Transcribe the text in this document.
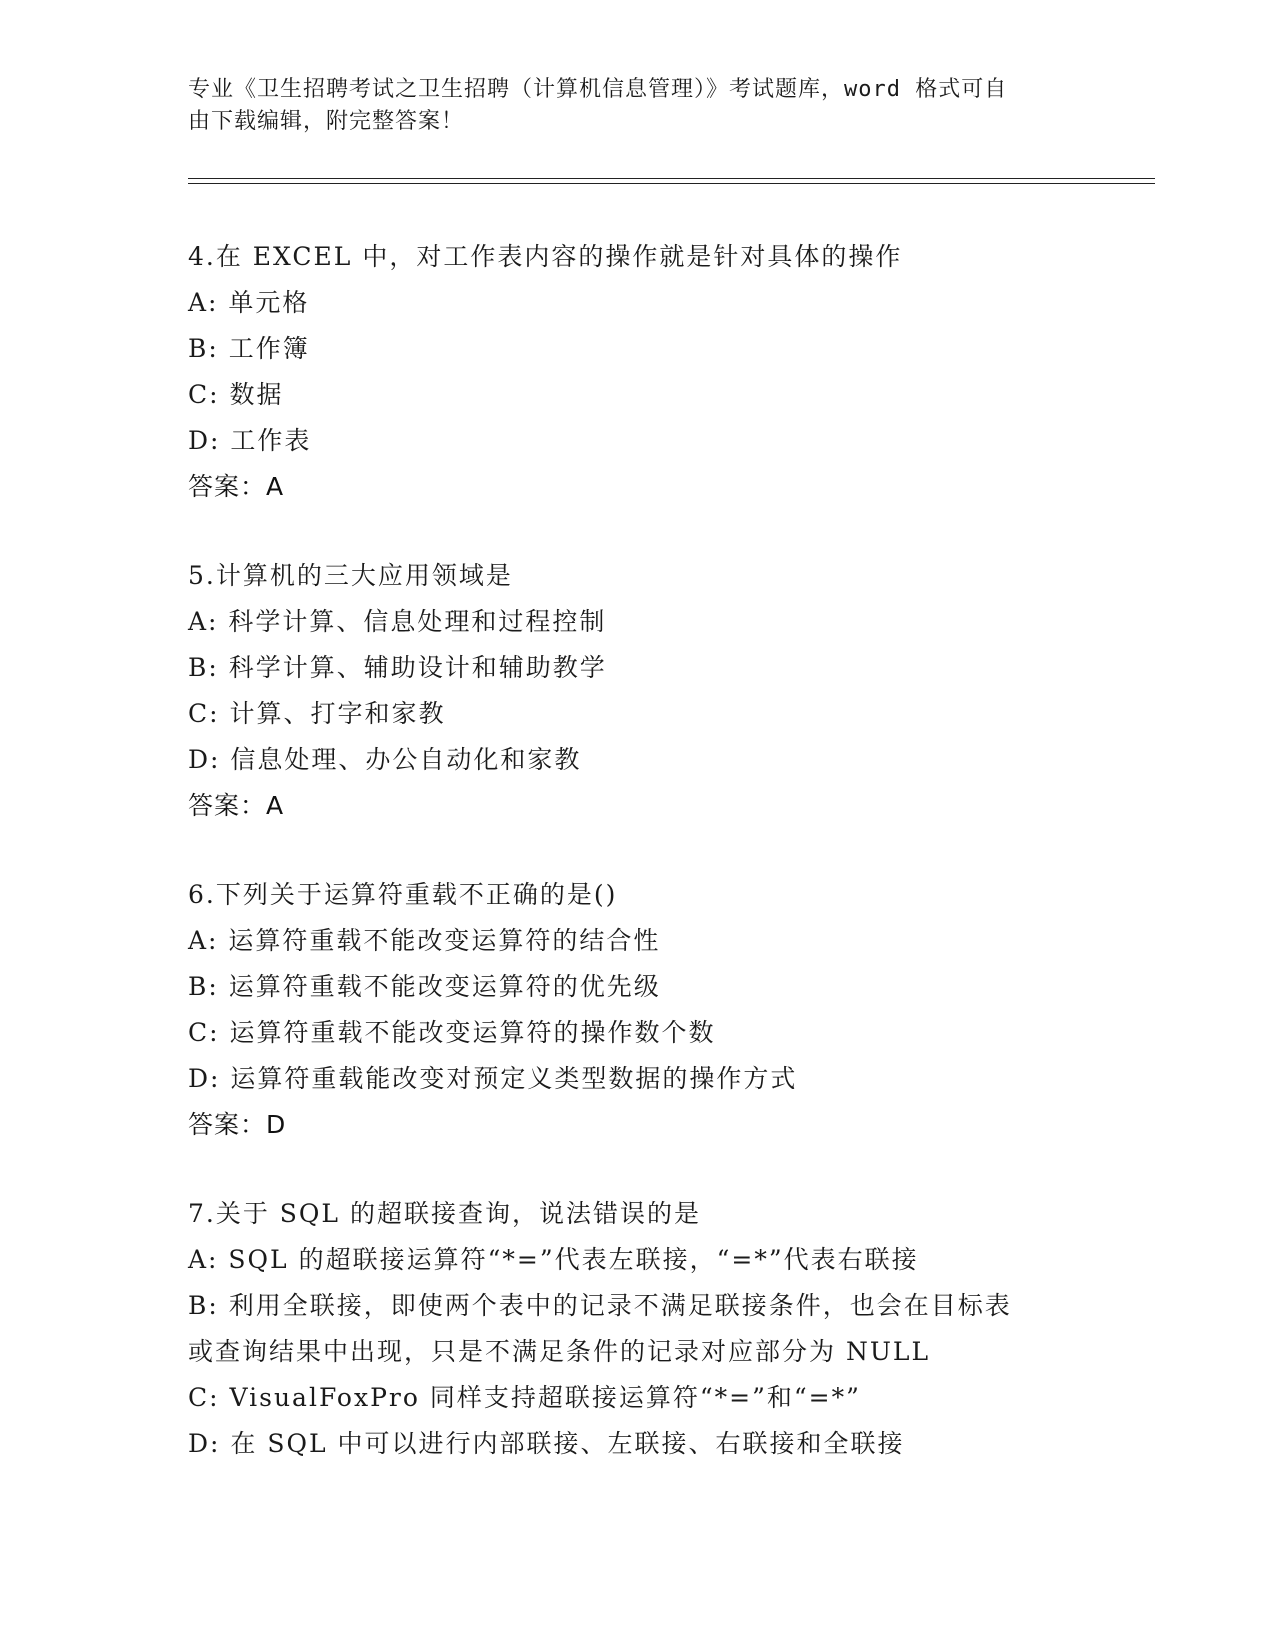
专业《卫生招聘考试之卫生招聘（计算机信息管理）》考试题库，word 格式可自
由下载编辑，附完整答案！
4.在 EXCEL 中，对工作表内容的操作就是针对具体的操作
A: 单元格
B: 工作簿
C: 数据
D: 工作表
答案：A
5.计算机的三大应用领域是
A: 科学计算、信息处理和过程控制
B: 科学计算、辅助设计和辅助教学
C: 计算、打字和家教
D: 信息处理、办公自动化和家教
答案：A
6.下列关于运算符重载不正确的是()
A: 运算符重载不能改变运算符的结合性
B: 运算符重载不能改变运算符的优先级
C: 运算符重载不能改变运算符的操作数个数
D: 运算符重载能改变对预定义类型数据的操作方式
答案：D
7.关于 SQL 的超联接查询，说法错误的是
A: SQL 的超联接运算符“*=”代表左联接，“=*”代表右联接
B: 利用全联接，即使两个表中的记录不满足联接条件，也会在目标表
或查询结果中出现，只是不满足条件的记录对应部分为 NULL
C: VisualFoxPro 同样支持超联接运算符“*=”和“=*”
D: 在 SQL 中可以进行内部联接、左联接、右联接和全联接
